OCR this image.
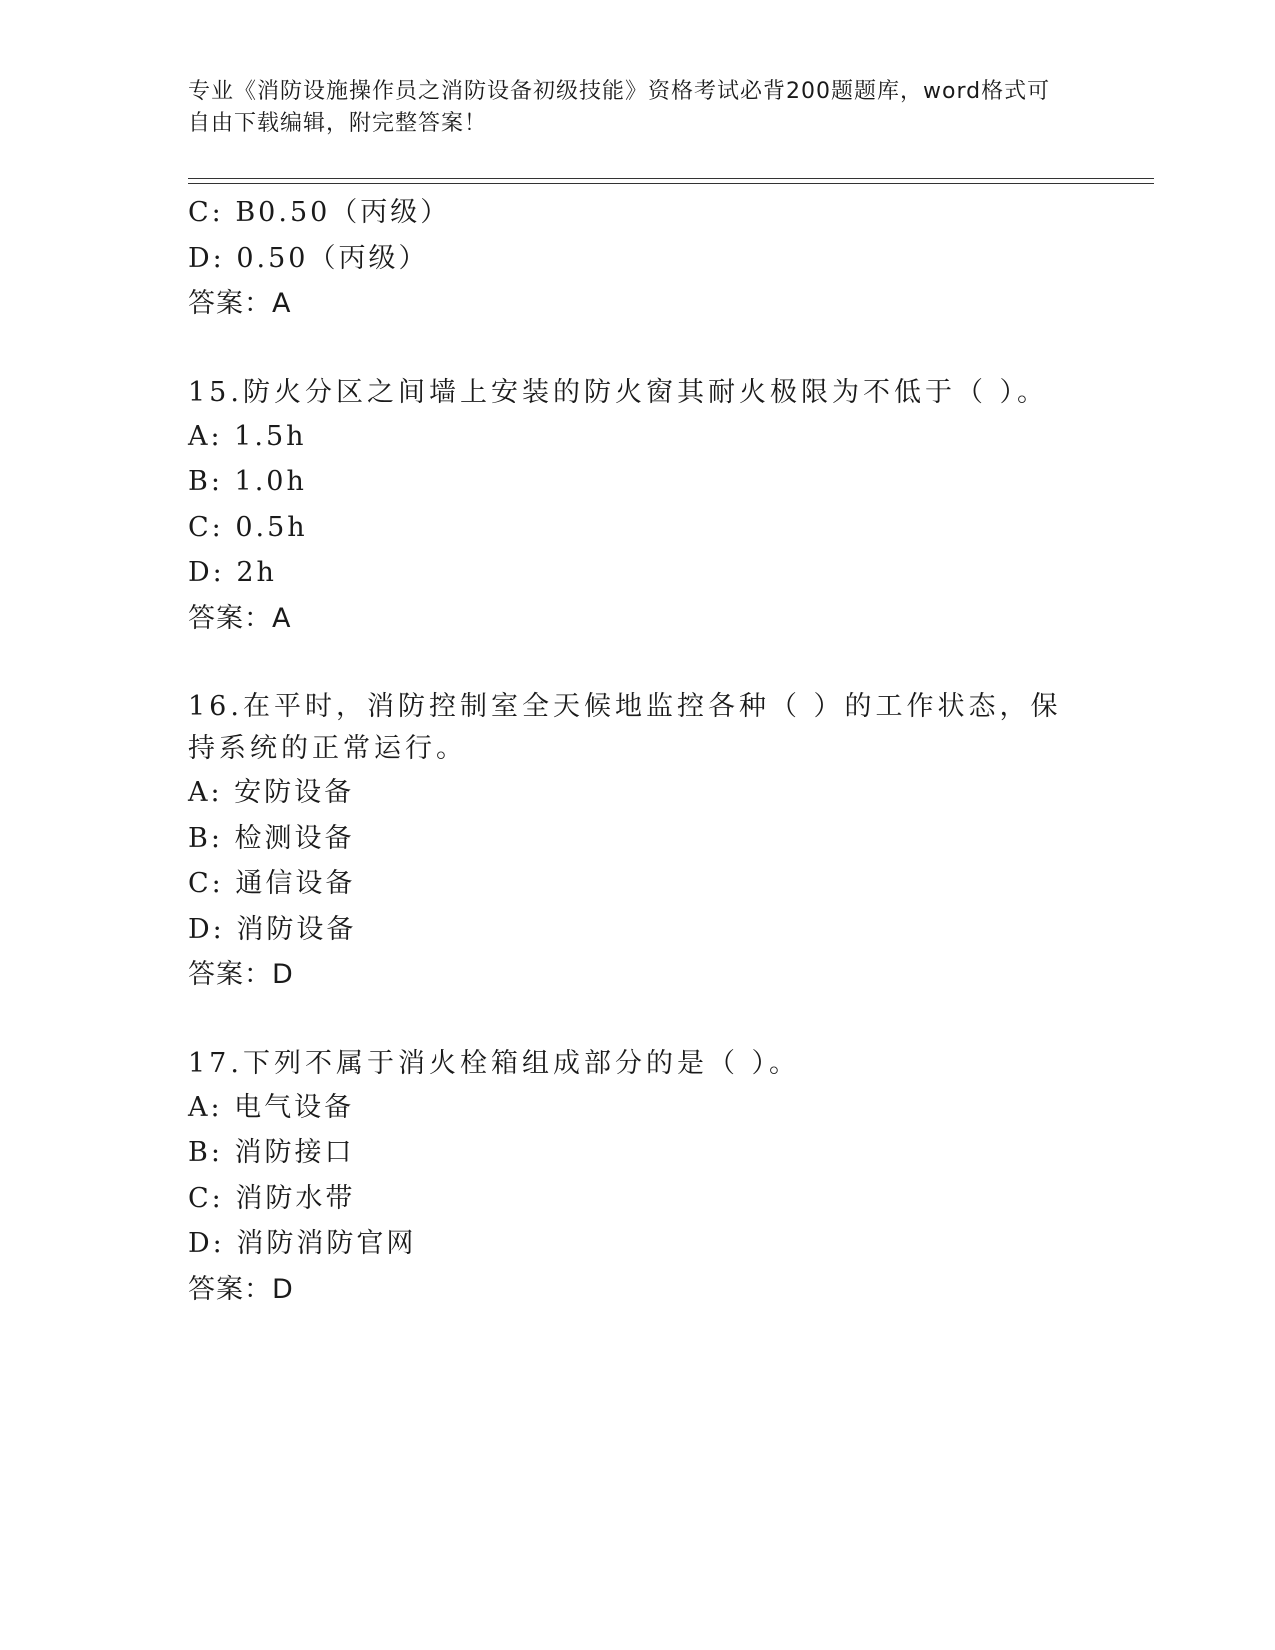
专业《消防设施操作员之消防设备初级技能》资格考试必背200题题库，word格式可自由下载编辑，附完整答案！
C: B0.50（丙级）
D: 0.50（丙级）
答案：A
15.防火分区之间墙上安装的防火窗其耐火极限为不低于（ ）。
A: 1.5h
B: 1.0h
C: 0.5h
D: 2h
答案：A
16.在平时，消防控制室全天候地监控各种（ ）的工作状态，保持系统的正常运行。
A: 安防设备
B: 检测设备
C: 通信设备
D: 消防设备
答案：D
17.下列不属于消火栓箱组成部分的是（ ）。
A: 电气设备
B: 消防接口
C: 消防水带
D: 消防消防官网
答案：D
